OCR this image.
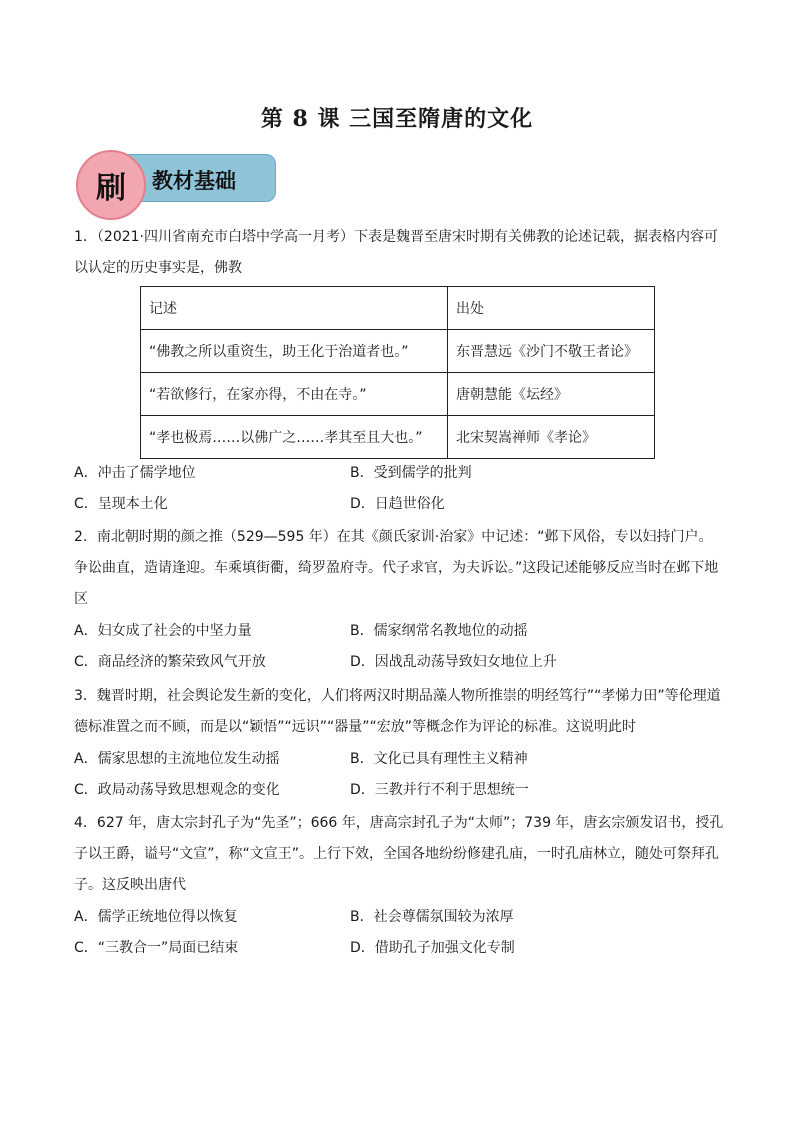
第 8 课 三国至隋唐的文化
刷	教材基础
1．（2021·四川省南充市白塔中学高一月考）下表是魏晋至唐宋时期有关佛教的论述记载，据表格内容可以认定的历史事实是，佛教
记述	出处
“佛教之所以重资生，助王化于治道者也。”	东晋慧远《沙门不敬王者论》
“若欲修行，在家亦得，不由在寺。”	唐朝慧能《坛经》
“孝也极焉……以佛广之……孝其至且大也。”	北宋契嵩禅师《孝论》
A．冲击了儒学地位	B．受到儒学的批判
C．呈现本土化	D．日趋世俗化
2．南北朝时期的颜之推（529—595 年）在其《颜氏家训·治家》中记述：“邺下风俗，专以妇持门户。争讼曲直，造请逢迎。车乘填街衢，绮罗盈府寺。代子求官，为夫诉讼。”这段记述能够反应当时在邺下地区
A．妇女成了社会的中坚力量	B．儒家纲常名教地位的动摇
C．商品经济的繁荣致风气开放	D．因战乱动荡导致妇女地位上升
3．魏晋时期，社会舆论发生新的变化，人们将两汉时期品藻人物所推崇的明经笃行”“孝悌力田”等伦理道德标准置之而不顾，而是以“颖悟”“远识”“器量”“宏放”等概念作为评论的标准。这说明此时
A．儒家思想的主流地位发生动摇	B．文化已具有理性主义精神
C．政局动荡导致思想观念的变化	D．三教并行不利于思想统一
4．627 年，唐太宗封孔子为“先圣”；666 年，唐高宗封孔子为“太师”；739 年，唐玄宗颁发诏书，授孔子以王爵，谥号“文宣”，称“文宣王”。上行下效，全国各地纷纷修建孔庙，一时孔庙林立，随处可祭拜孔子。这反映出唐代
A．儒学正统地位得以恢复	B．社会尊儒氛围较为浓厚
C．“三教合一”局面已结束	D．借助孔子加强文化专制
